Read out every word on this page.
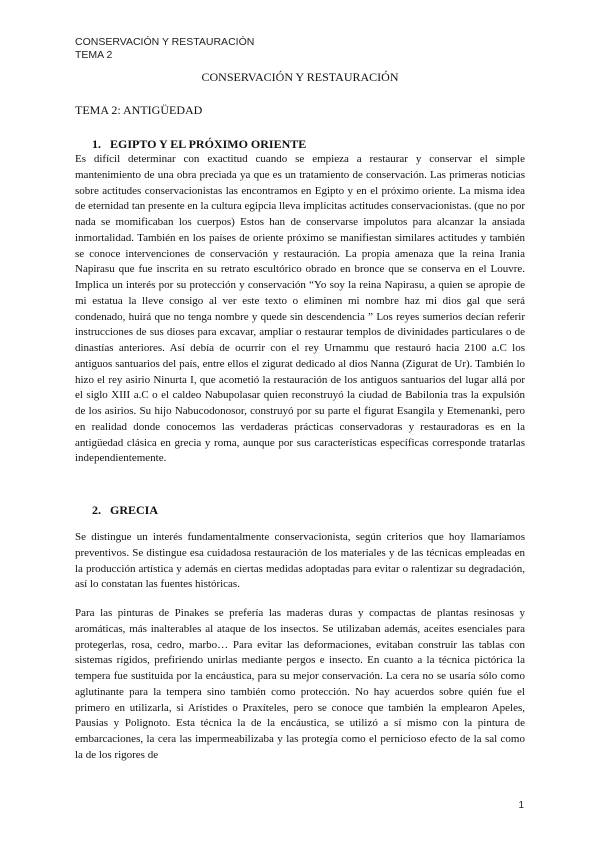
CONSERVACIÓN Y RESTAURACIÓN
TEMA 2
CONSERVACIÓN Y RESTAURACIÓN
TEMA 2: ANTIGÜEDAD
1. EGIPTO Y EL PRÓXIMO ORIENTE

Es difícil determinar con exactitud cuando se empieza a restaurar y conservar el simple mantenimiento de una obra preciada ya que es un tratamiento de conservación. Las primeras noticias sobre actitudes conservacionistas las encontramos en Egipto y en el próximo oriente. La misma idea de eternidad tan presente en la cultura egipcia lleva implícitas actitudes conservacionistas. (que no por nada se momificaban los cuerpos) Estos han de conservarse impolutos para alcanzar la ansiada inmortalidad. También en los países de oriente próximo se manifiestan similares actitudes y también se conoce intervenciones de conservación y restauración. La propia amenaza que la reina Irania Napirasu que fue inscrita en su retrato escultórico obrado en bronce que se conserva en el Louvre. Implica un interés por su protección y conservación “Yo soy la reina Napirasu, a quien se apropie de mi estatua la lleve consigo al ver este texto o eliminen mi nombre haz mi dios gal que será condenado, huirá que no tenga nombre y quede sin descendencia ” Los reyes sumerios decían referir instrucciones de sus dioses para excavar, ampliar o restaurar templos de divinidades particulares o de dinastías anteriores. Así debía de ocurrir con el rey Urnammu que restauró hacia 2100 a.C los antiguos santuarios del país, entre ellos el zigurat dedicado al dios Nanna (Zigurat de Ur). También lo hizo el rey asirio Ninurta I, que acometió la restauración de los antiguos santuarios del lugar allá por el siglo XIII a.C o el caldeo Nabupolasar quien reconstruyó la ciudad de Babilonia tras la expulsión de los asirios. Su hijo Nabucodonosor, construyó por su parte el figurat Esangila y Etemenanki, pero en realidad donde conocemos las verdaderas prácticas conservadoras y restauradoras es en la antigüedad clásica en grecia y roma, aunque por sus características específicas corresponde tratarlas independientemente.

2. GRECIA

Se distingue un interés fundamentalmente conservacionista, según criterios que hoy llamaríamos preventivos. Se distingue esa cuidadosa restauración de los materiales y de las técnicas empleadas en la producción artística y además en ciertas medidas adoptadas para evitar o ralentizar su degradación, así lo constatan las fuentes históricas.

Para las pinturas de Pinakes se prefería las maderas duras y compactas de plantas resinosas y aromáticas, más inalterables al ataque de los insectos. Se utilizaban además, aceites esenciales para protegerlas, rosa, cedro, marbo… Para evitar las deformaciones, evitaban construir las tablas con sistemas rígidos, prefiriendo unirlas mediante pergos e insecto. En cuanto a la técnica pictórica la tempera fue sustituida por la encáustica, para su mejor conservación. La cera no se usaría sólo como aglutinante para la tempera sino también como protección. No hay acuerdos sobre quién fue el primero en utilizarla, si Arístides o Praxíteles, pero se conoce que también la emplearon Apeles, Pausias y Polignoto. Esta técnica la de la encáustica, se utilizó a sí mismo con la pintura de embarcaciones, la cera las impermeabilizaba y las protegía como el pernicioso efecto de la sal como la de los rigores de

1
